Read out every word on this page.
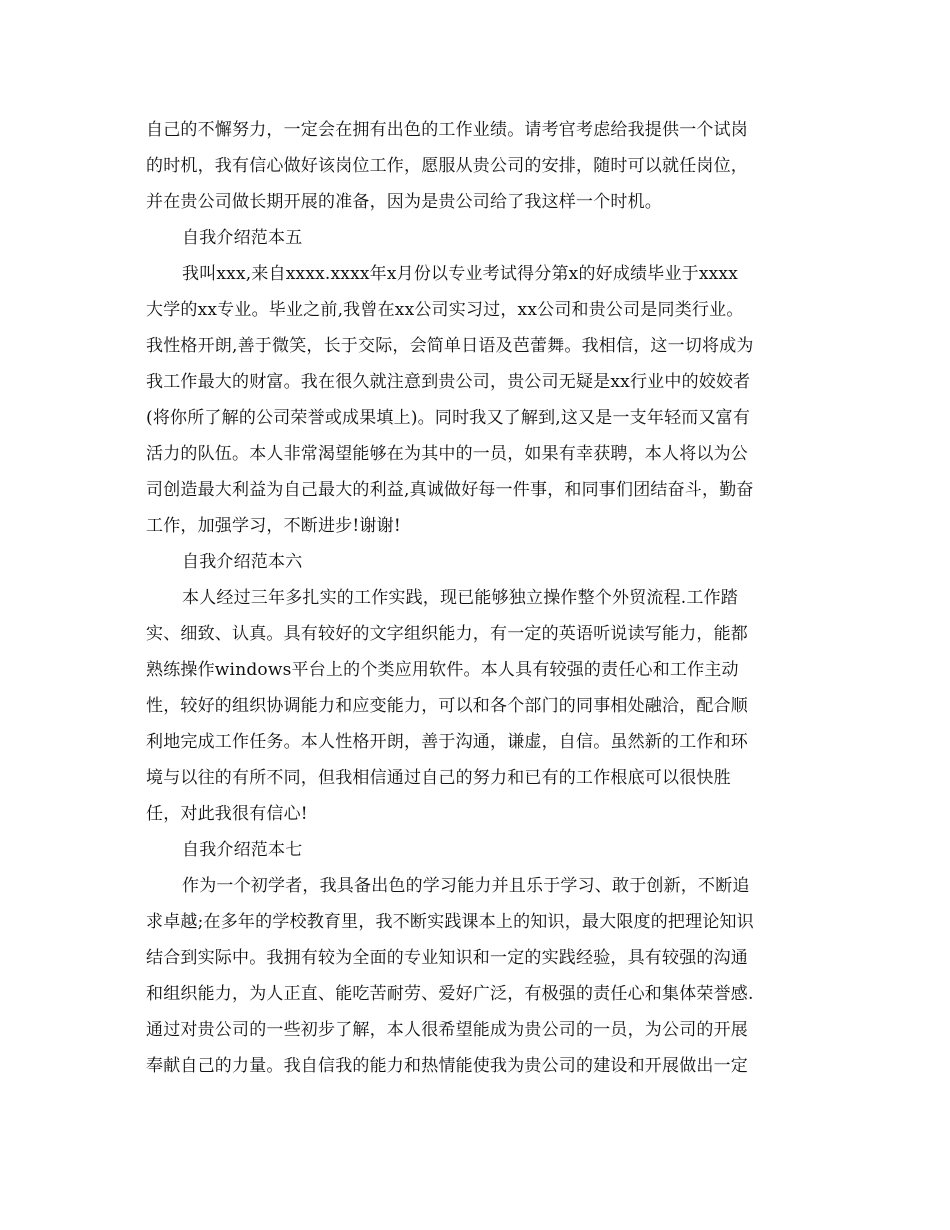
自己的不懈努力，一定会在拥有出色的工作业绩。请考官考虑给我提供一个试岗
的时机，我有信心做好该岗位工作，愿服从贵公司的安排，随时可以就任岗位，
并在贵公司做长期开展的准备，因为是贵公司给了我这样一个时机。
自我介绍范本五
我叫xxx,来自xxxx.xxxx年x月份以专业考试得分第x的好成绩毕业于xxxx
大学的xx专业。毕业之前,我曾在xx公司实习过，xx公司和贵公司是同类行业。
我性格开朗,善于微笑，长于交际，会简单日语及芭蕾舞。我相信，这一切将成为
我工作最大的财富。我在很久就注意到贵公司，贵公司无疑是xx行业中的姣姣者
(将你所了解的公司荣誉或成果填上)。同时我又了解到,这又是一支年轻而又富有
活力的队伍。本人非常渴望能够在为其中的一员，如果有幸获聘，本人将以为公
司创造最大利益为自己最大的利益,真诚做好每一件事，和同事们团结奋斗，勤奋
工作，加强学习，不断进步!谢谢!
自我介绍范本六
本人经过三年多扎实的工作实践，现已能够独立操作整个外贸流程.工作踏
实、细致、认真。具有较好的文字组织能力，有一定的英语听说读写能力，能都
熟练操作windows平台上的个类应用软件。本人具有较强的责任心和工作主动
性，较好的组织协调能力和应变能力，可以和各个部门的同事相处融洽，配合顺
利地完成工作任务。本人性格开朗，善于沟通，谦虚，自信。虽然新的工作和环
境与以往的有所不同，但我相信通过自己的努力和已有的工作根底可以很快胜
任，对此我很有信心!
自我介绍范本七
作为一个初学者，我具备出色的学习能力并且乐于学习、敢于创新，不断追
求卓越;在多年的学校教育里，我不断实践课本上的知识，最大限度的把理论知识
结合到实际中。我拥有较为全面的专业知识和一定的实践经验，具有较强的沟通
和组织能力，为人正直、能吃苦耐劳、爱好广泛，有极强的责任心和集体荣誉感.
通过对贵公司的一些初步了解，本人很希望能成为贵公司的一员，为公司的开展
奉献自己的力量。我自信我的能力和热情能使我为贵公司的建设和开展做出一定
